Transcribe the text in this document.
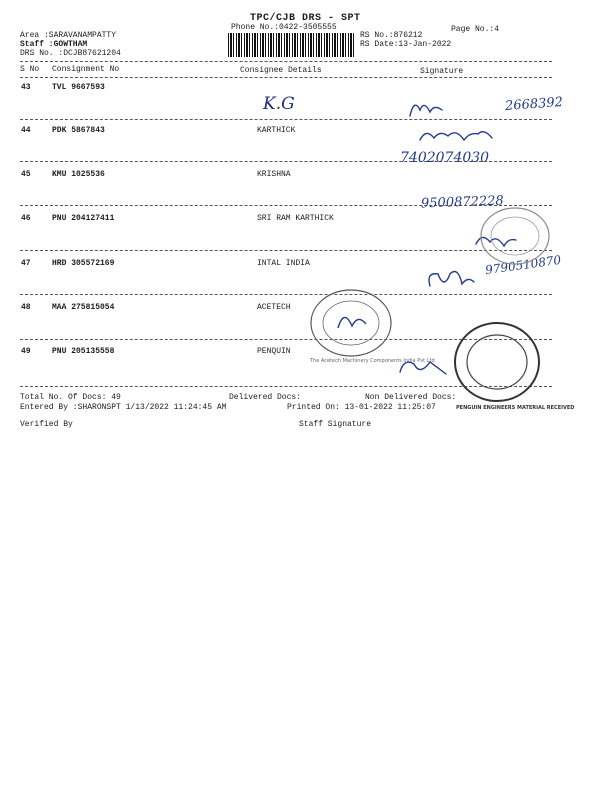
TPC/CJB DRS - SPT
Phone No.:0422-3505555	Page No.:4
Area :SARAVANAMPATTY
Staff :GOWTHAM
DRS No. :DCJB87621204
RS No.:876212
RS Date:13-Jan-2022
S No Consignment No	Consignee Details	Signature
43	TVL 9667593
44	PDK 5867843	KARTHICK
45	KMU 1025536	KRISHNA
46	PNU 204127411	SRI RAM KARTHICK
47	HRD 305572169	INTAL INDIA
48	MAA 275815054	ACETECH
49	PNU 205135558	PENQUIN
K.G	2668392
7402074030
9500872228
9790510870
The Acetech Machinery Components India Pvt Ltd
PENGUIN ENGINEERS MATERIAL RECEIVED
Total No. Of Docs: 49	Delivered Docs:	Non Delivered Docs:
Entered By :SHARONSPT 1/13/2022 11:24:45 AM	Printed On: 13-01-2022 11:25:07
Verified By	Staff Signature
